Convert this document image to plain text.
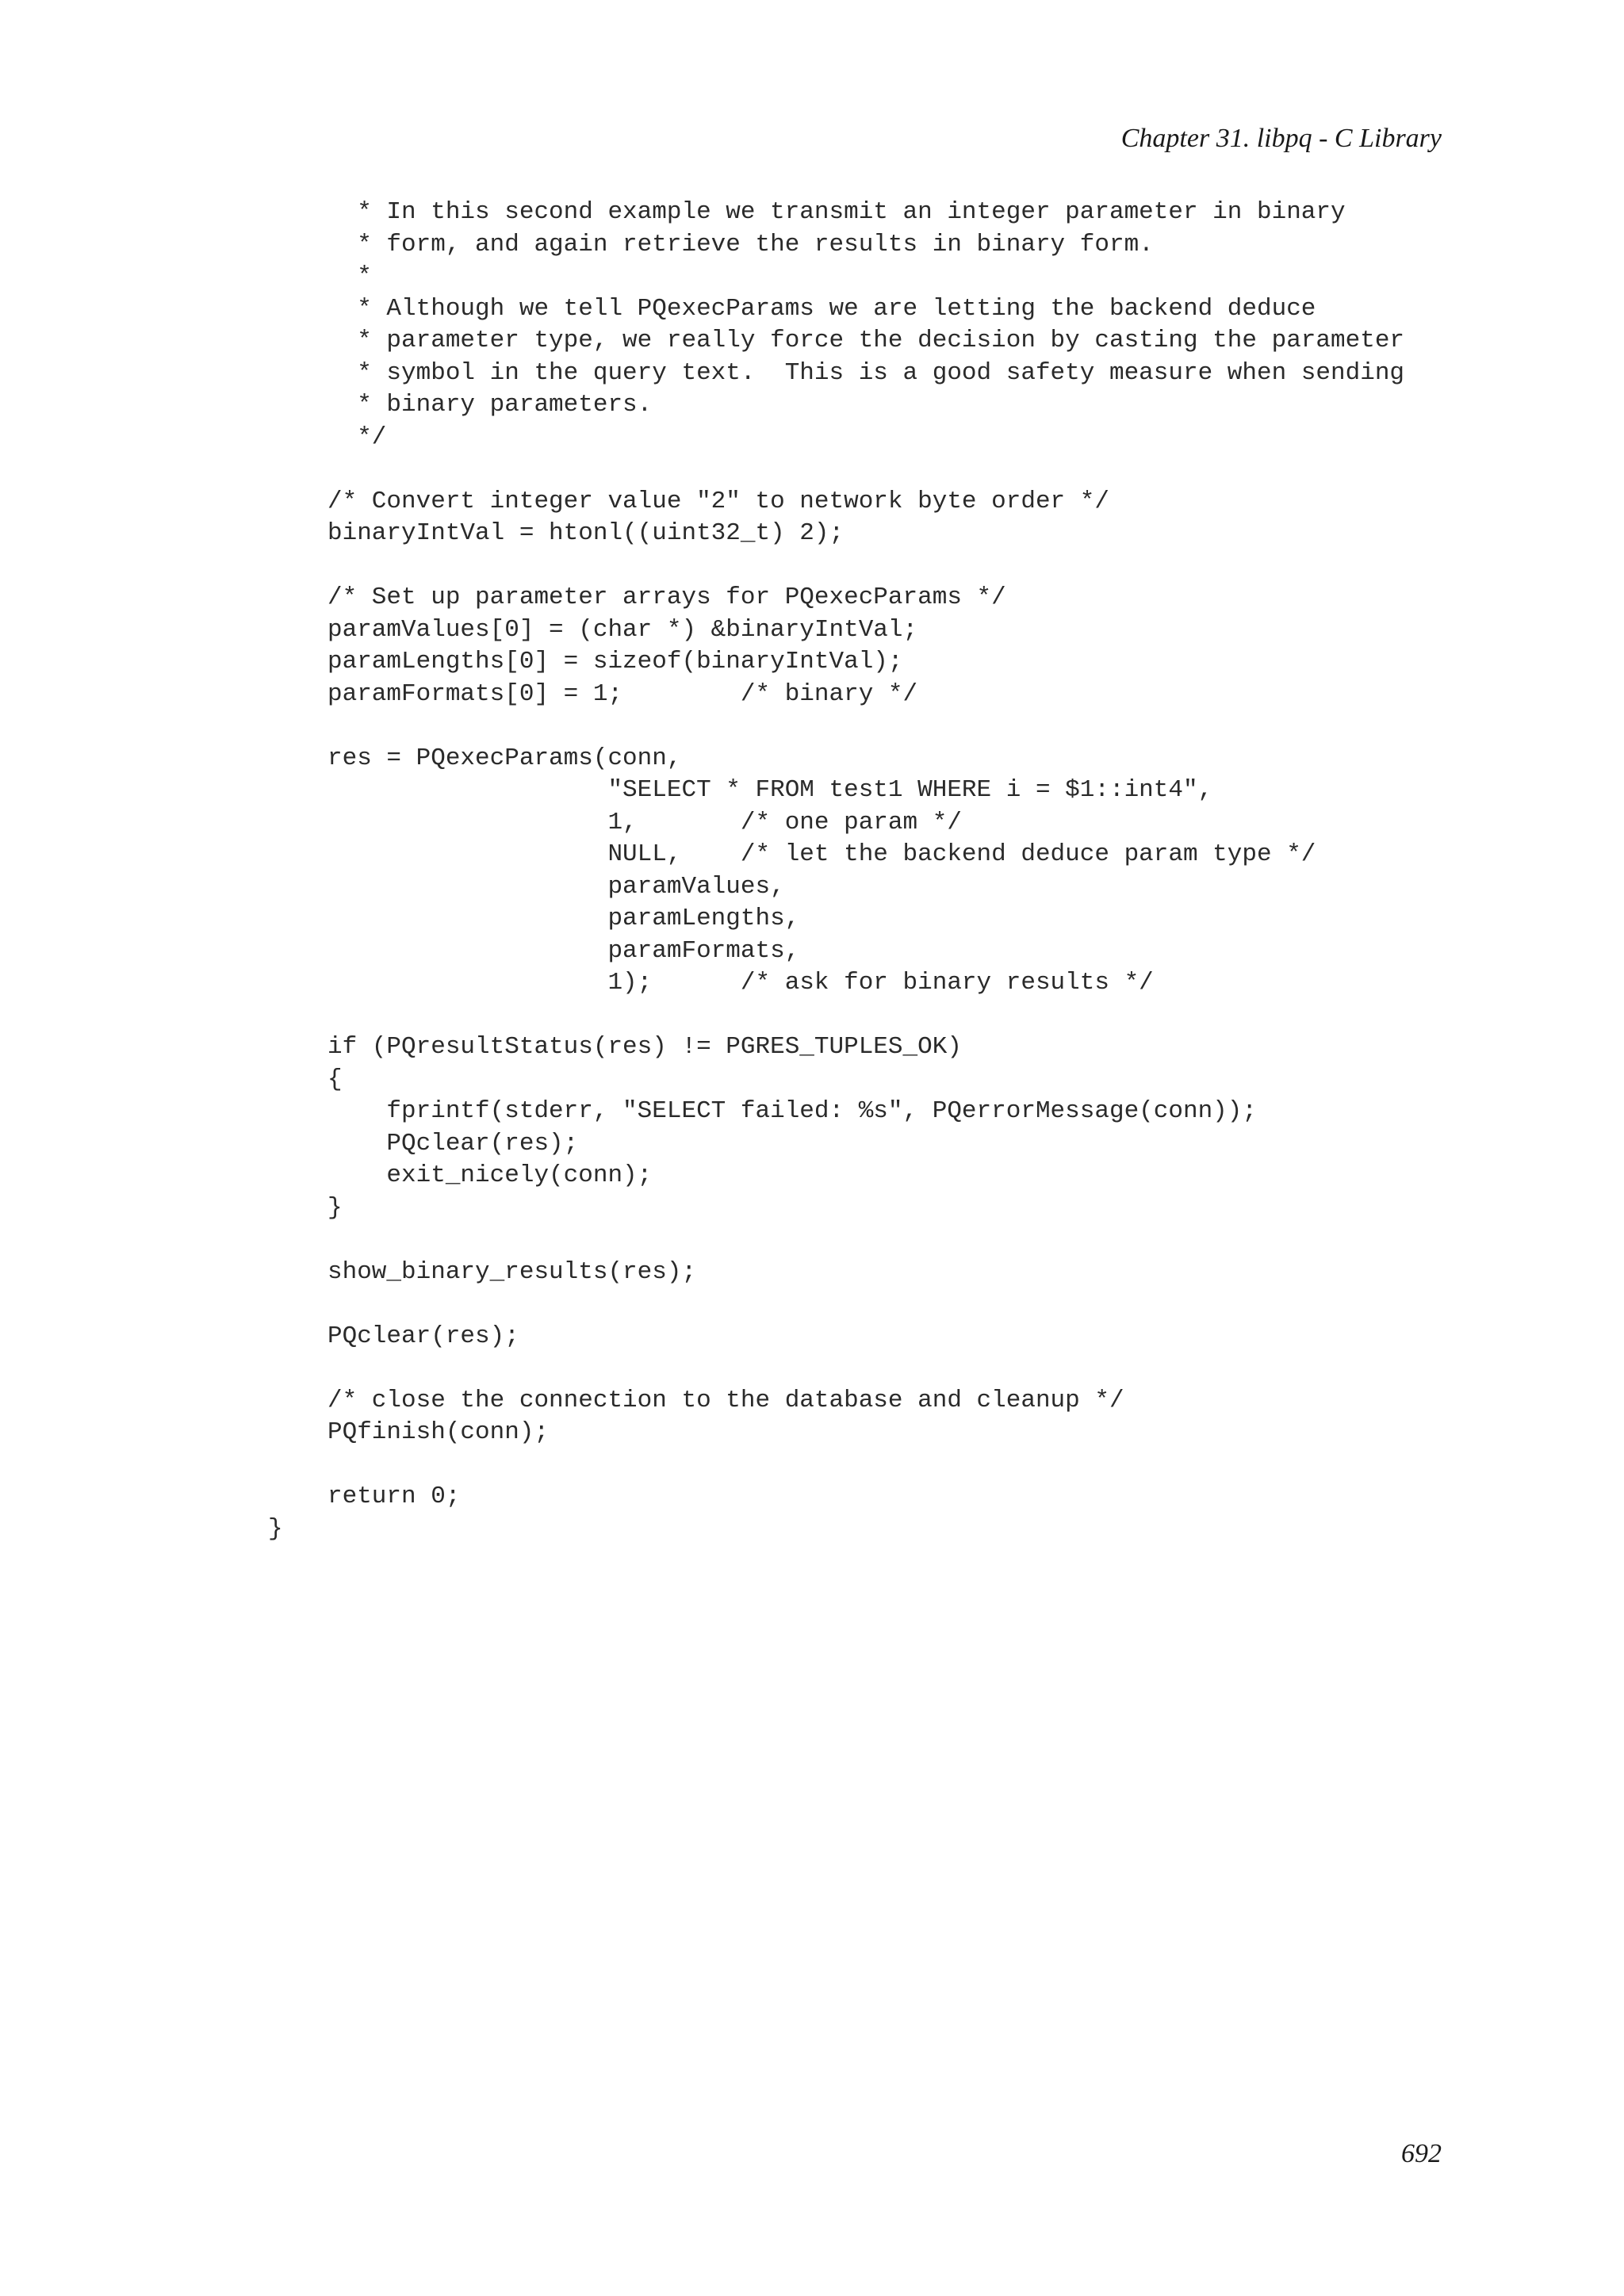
Chapter 31. libpq - C Library
* In this second example we transmit an integer parameter in binary
* form, and again retrieve the results in binary form.
*
* Although we tell PQexecParams we are letting the backend deduce
* parameter type, we really force the decision by casting the parameter
* symbol in the query text.  This is a good safety measure when sending
* binary parameters.
*/
/* Convert integer value "2" to network byte order */
binaryIntVal = htonl((uint32_t) 2);
/* Set up parameter arrays for PQexecParams */
paramValues[0] = (char *) &binaryIntVal;
paramLengths[0] = sizeof(binaryIntVal);
paramFormats[0] = 1;        /* binary */
res = PQexecParams(conn,
"SELECT * FROM test1 WHERE i = $1::int4",
1,       /* one param */
NULL,    /* let the backend deduce param type */
paramValues,
paramLengths,
paramFormats,
1);      /* ask for binary results */
if (PQresultStatus(res) != PGRES_TUPLES_OK)
{
fprintf(stderr, "SELECT failed: %s", PQerrorMessage(conn));
PQclear(res);
exit_nicely(conn);
}
show_binary_results(res);
PQclear(res);
/* close the connection to the database and cleanup */
PQfinish(conn);
return 0;
}
692
